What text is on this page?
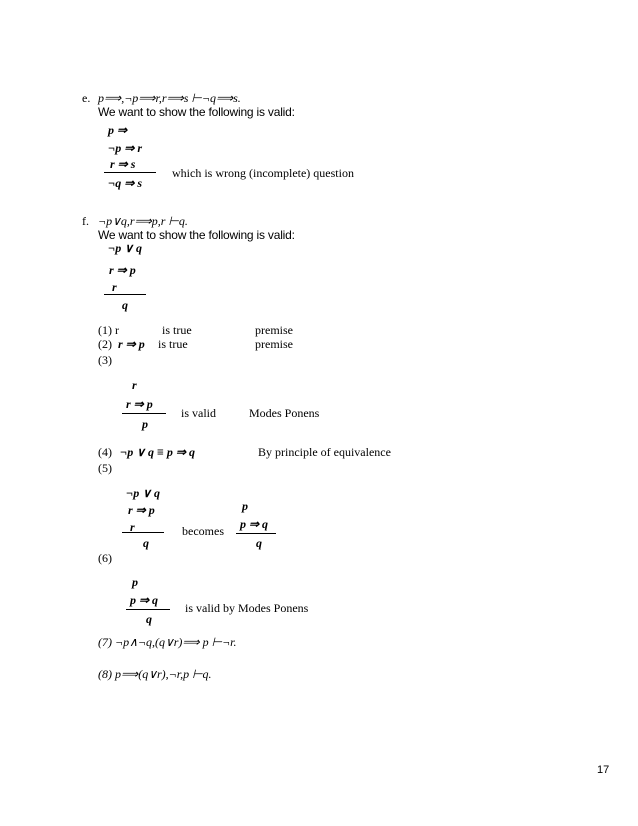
e. p⟹,¬p⟹r,r⟹s ⊢¬q⟹s.
We want to show the following is valid:
p ⇒
¬p ⇒ r
r ⇒ s
¬q ⇒ s
which is wrong (incomplete) question
f. ¬p∨q,r⟹p,r ⊢q.
We want to show the following is valid:
¬p ∨ q
r ⇒ p
r
q
(1) r	is true	premise
(2) r ⇒ p is true	premise
(3)
r
r ⇒ p
p
is valid	Modes Ponens
(4) ¬p ∨ q ≡ p ⇒ q	By principle of equivalence
(5)
¬p ∨ q
r ⇒ p
r
q
becomes
p
p ⇒ q
q
(6)
p
p ⇒ q
q
is valid by Modes Ponens
(7) ¬p∧¬q,(q∨r)⟹ p ⊢¬r.
(8) p⟹(q∨r),¬r,p ⊢q.
17
